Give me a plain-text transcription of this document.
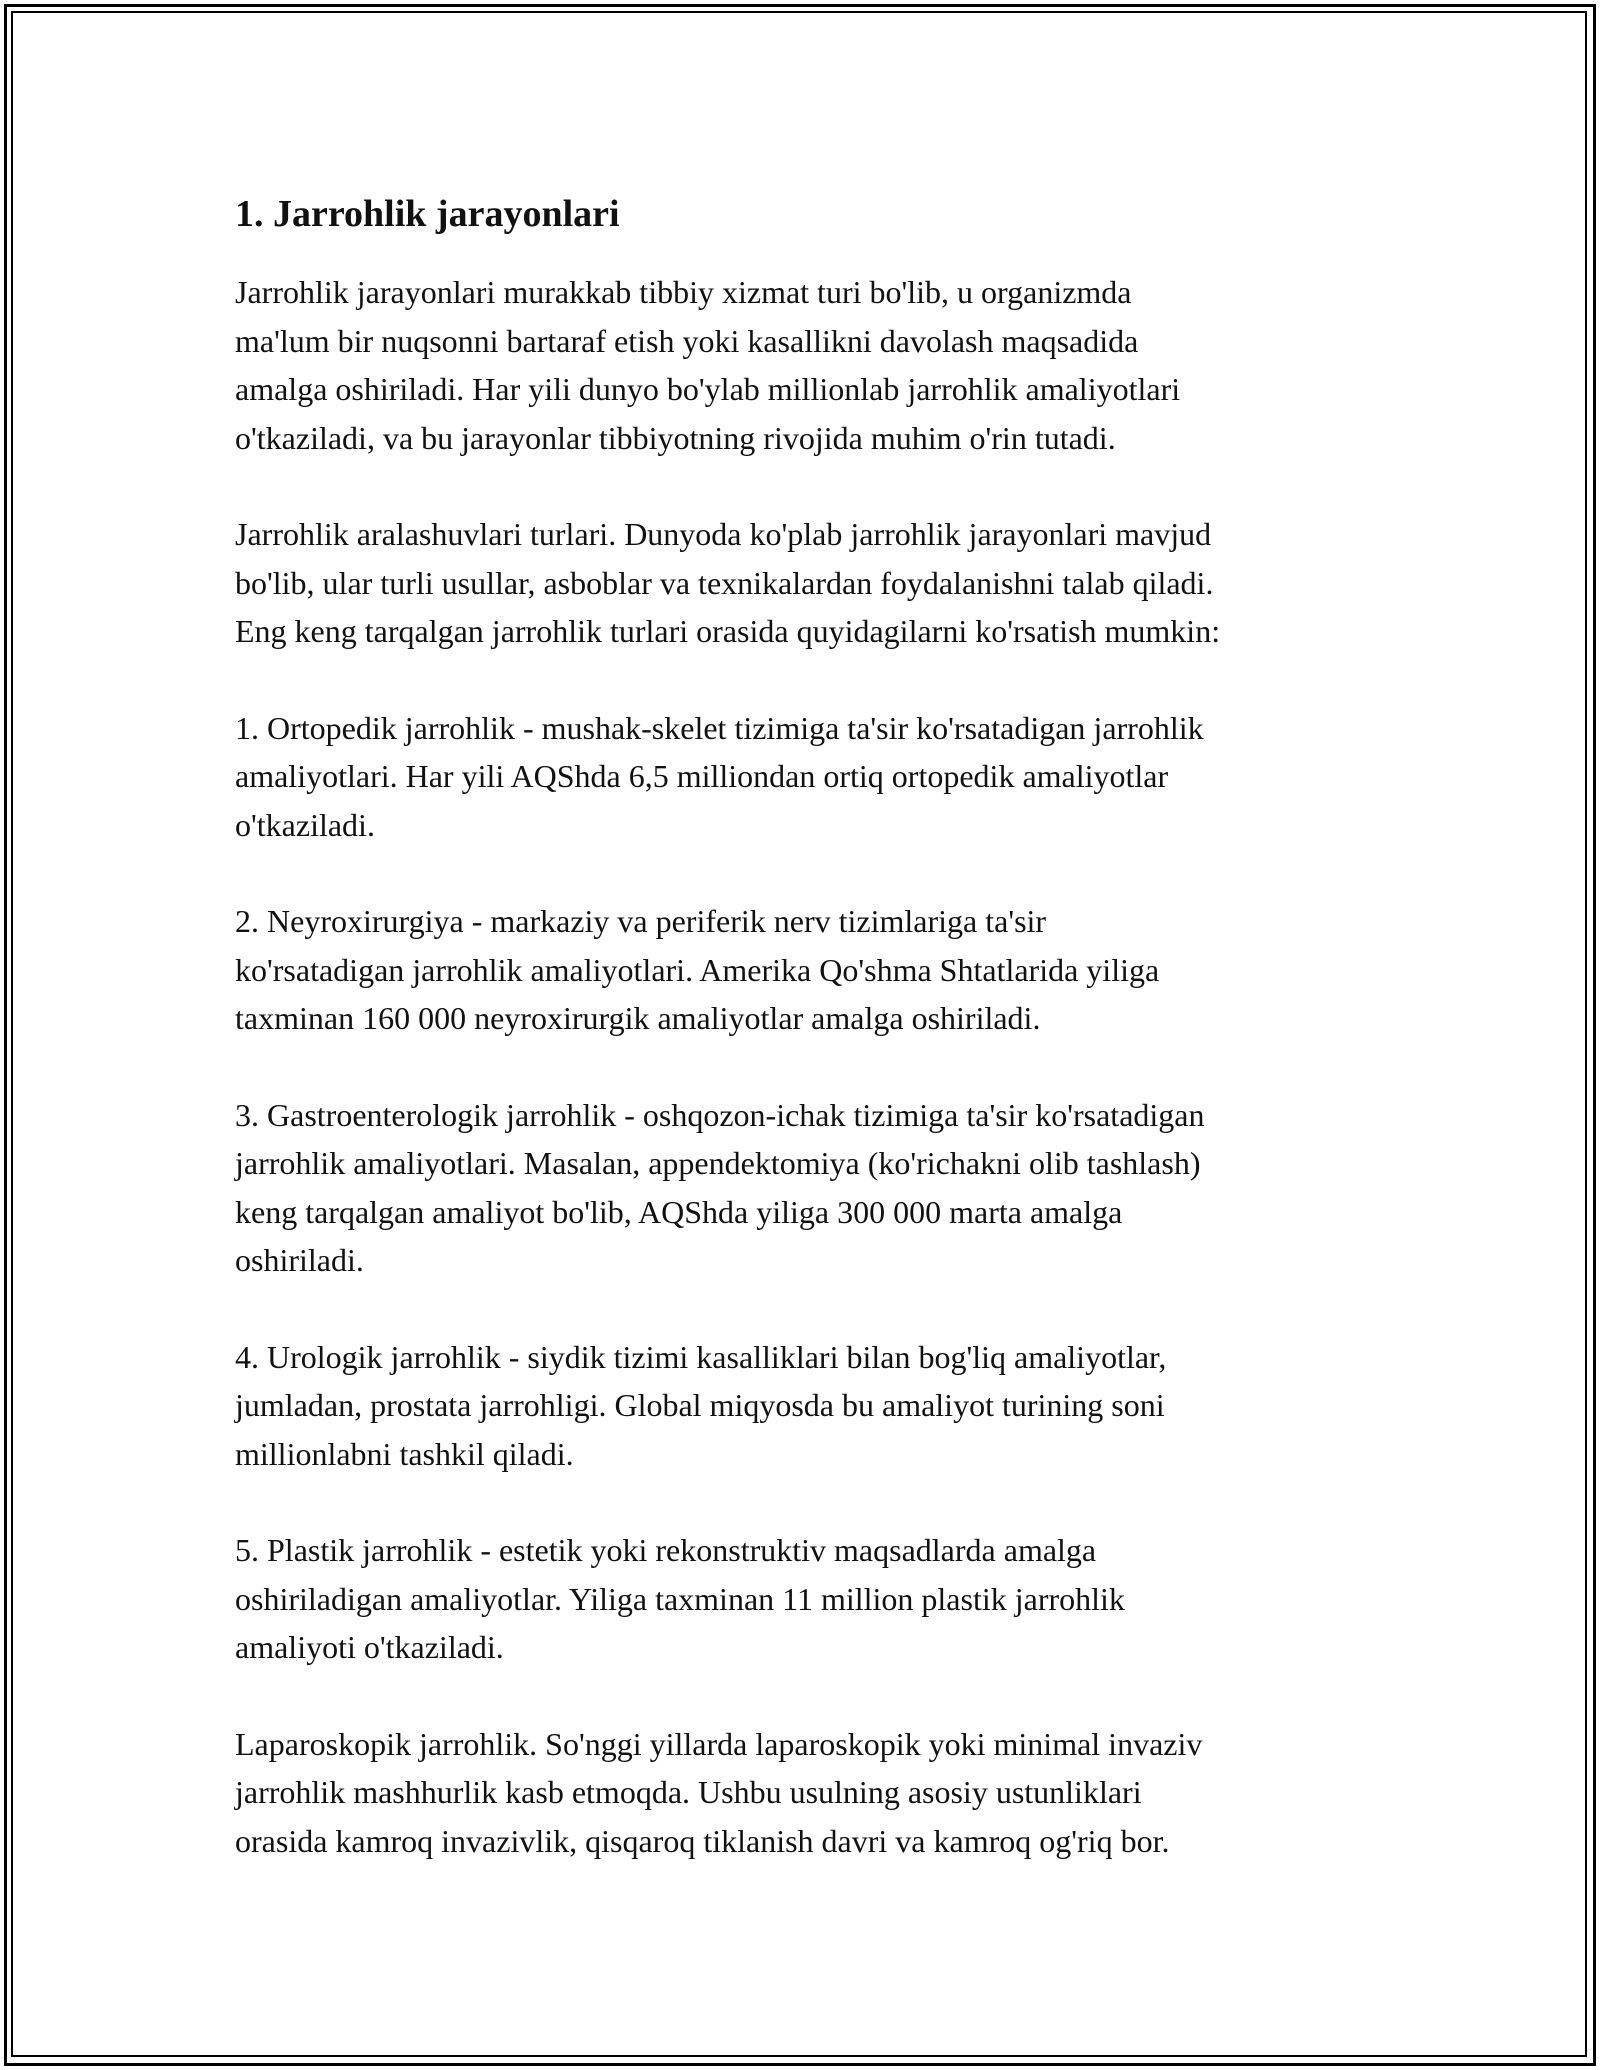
1. Jarrohlik jarayonlari

Jarrohlik jarayonlari murakkab tibbiy xizmat turi bo'lib, u organizmda
ma'lum bir nuqsonni bartaraf etish yoki kasallikni davolash maqsadida
amalga oshiriladi. Har yili dunyo bo'ylab millionlab jarrohlik amaliyotlari
o'tkaziladi, va bu jarayonlar tibbiyotning rivojida muhim o'rin tutadi.

Jarrohlik aralashuvlari turlari. Dunyoda ko'plab jarrohlik jarayonlari mavjud
bo'lib, ular turli usullar, asboblar va texnikalardan foydalanishni talab qiladi.
Eng keng tarqalgan jarrohlik turlari orasida quyidagilarni ko'rsatish mumkin:

1. Ortopedik jarrohlik - mushak-skelet tizimiga ta'sir ko'rsatadigan jarrohlik
amaliyotlari. Har yili AQShda 6,5 milliondan ortiq ortopedik amaliyotlar
o'tkaziladi.

2. Neyroxirurgiya - markaziy va periferik nerv tizimlariga ta'sir
ko'rsatadigan jarrohlik amaliyotlari. Amerika Qo'shma Shtatlarida yiliga
taxminan 160 000 neyroxirurgik amaliyotlar amalga oshiriladi.

3. Gastroenterologik jarrohlik - oshqozon-ichak tizimiga ta'sir ko'rsatadigan
jarrohlik amaliyotlari. Masalan, appendektomiya (ko'richakni olib tashlash)
keng tarqalgan amaliyot bo'lib, AQShda yiliga 300 000 marta amalga
oshiriladi.

4. Urologik jarrohlik - siydik tizimi kasalliklari bilan bog'liq amaliyotlar,
jumladan, prostata jarrohligi. Global miqyosda bu amaliyot turining soni
millionlabni tashkil qiladi.

5. Plastik jarrohlik - estetik yoki rekonstruktiv maqsadlarda amalga
oshiriladigan amaliyotlar. Yiliga taxminan 11 million plastik jarrohlik
amaliyoti o'tkaziladi.

Laparoskopik jarrohlik. So'nggi yillarda laparoskopik yoki minimal invaziv
jarrohlik mashhurlik kasb etmoqda. Ushbu usulning asosiy ustunliklari
orasida kamroq invazivlik, qisqaroq tiklanish davri va kamroq og'riq bor.
